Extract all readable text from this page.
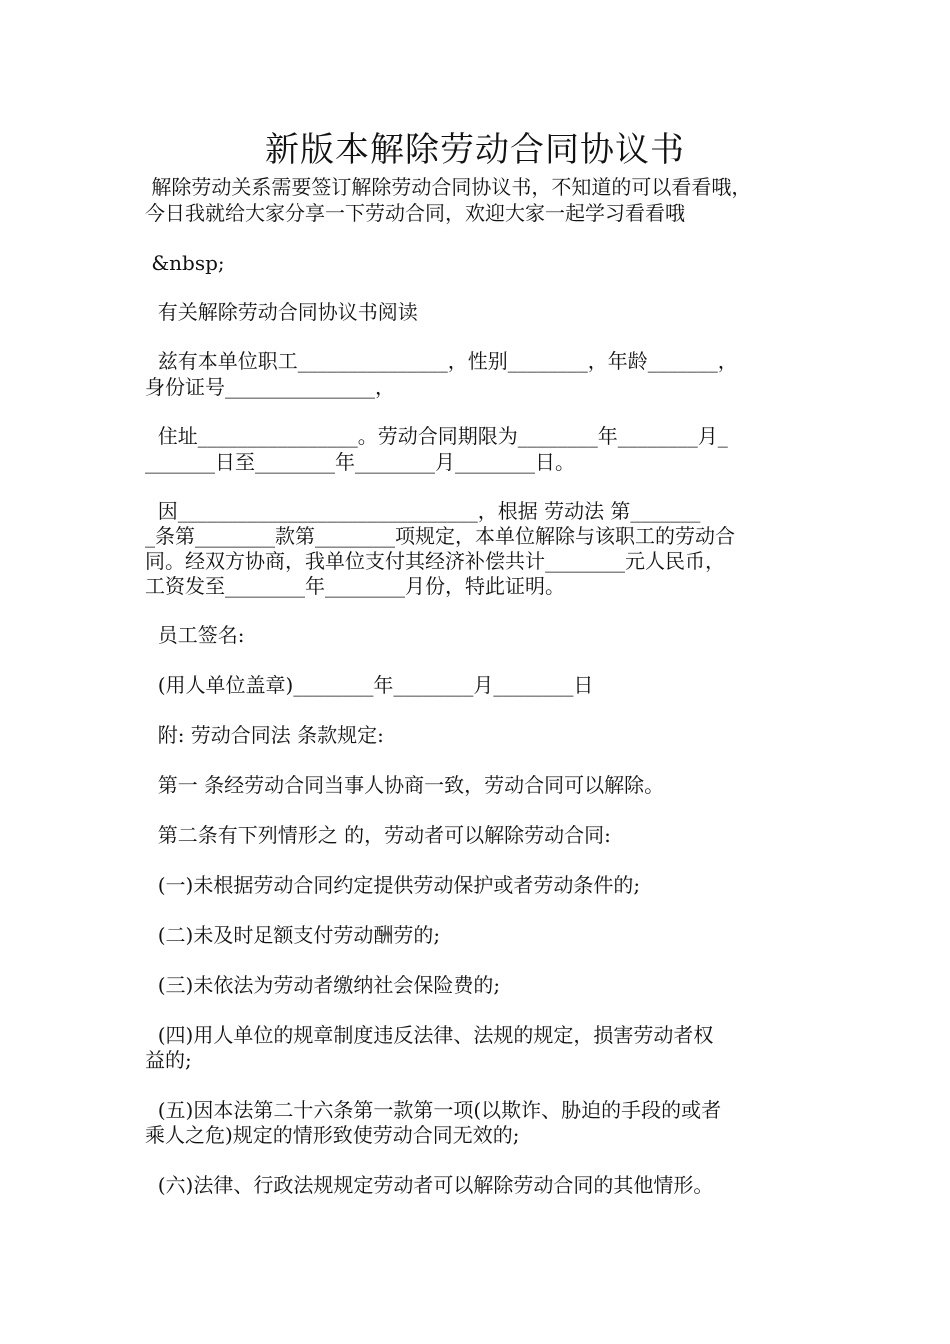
新版本解除劳动合同协议书
解除劳动关系需要签订解除劳动合同协议书，不知道的可以看看哦，
今日我就给大家分享一下劳动合同，欢迎大家一起学习看看哦
&nbsp;
有关解除劳动合同协议书阅读
兹有本单位职工_______________，性别________，年龄_______，
身份证号_______________，
住址________________。劳动合同期限为________年________月_
_______日至________年________月________日。
因______________________________，根据 劳动法 第_______
_条第________款第________项规定，本单位解除与该职工的劳动合
同。经双方协商，我单位支付其经济补偿共计________元人民币，
工资发至________年________月份，特此证明。
员工签名:
(用人单位盖章)________年________月________日
附: 劳动合同法 条款规定:
第一 条经劳动合同当事人协商一致，劳动合同可以解除。
第二条有下列情形之 的，劳动者可以解除劳动合同:
(一)未根据劳动合同约定提供劳动保护或者劳动条件的;
(二)未及时足额支付劳动酬劳的;
(三)未依法为劳动者缴纳社会保险费的;
(四)用人单位的规章制度违反法律、法规的规定，损害劳动者权
益的;
(五)因本法第二十六条第一款第一项(以欺诈、胁迫的手段的或者
乘人之危)规定的情形致使劳动合同无效的;
(六)法律、行政法规规定劳动者可以解除劳动合同的其他情形。
